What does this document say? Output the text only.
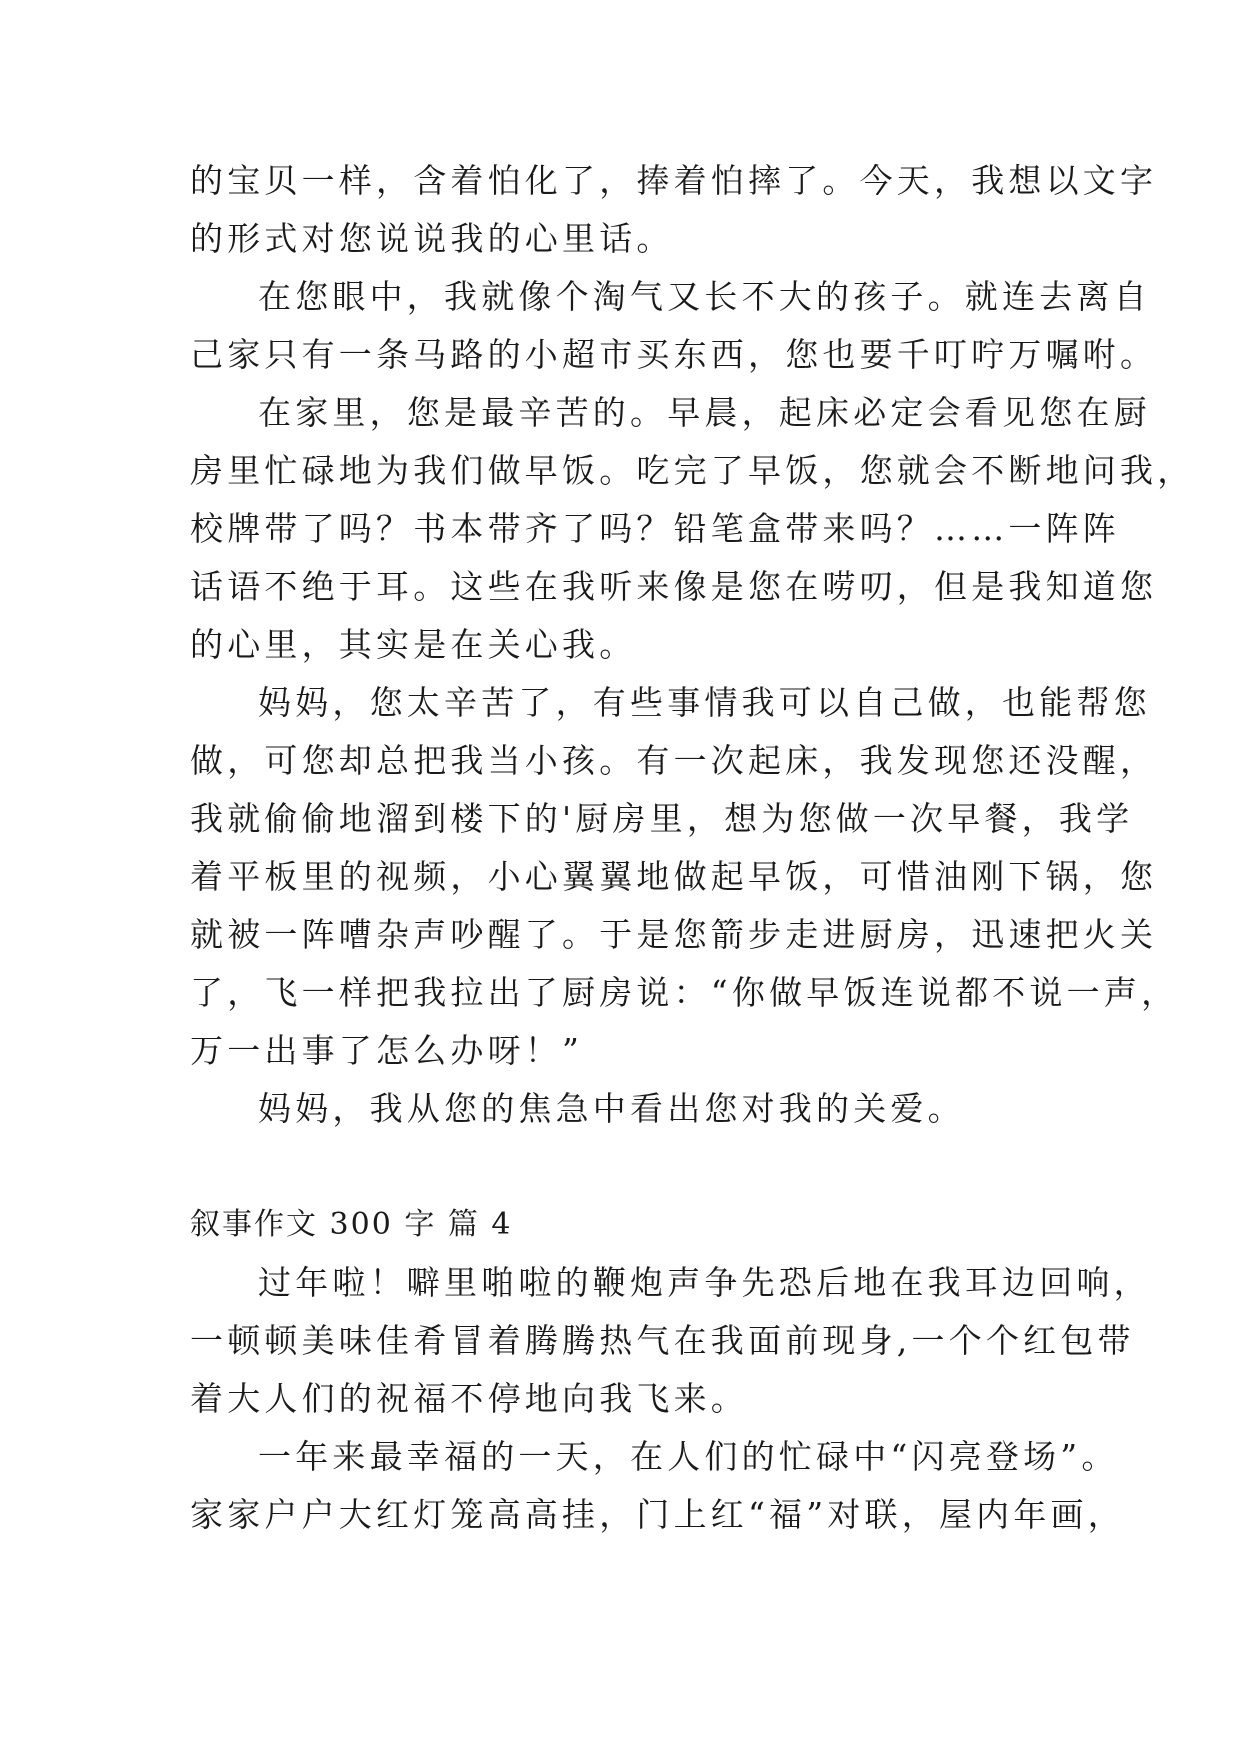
的宝贝一样，含着怕化了，捧着怕摔了。今天，我想以文字
的形式对您说说我的心里话。
在您眼中，我就像个淘气又长不大的孩子。就连去离自
己家只有一条马路的小超市买东西，您也要千叮咛万嘱咐。
在家里，您是最辛苦的。早晨，起床必定会看见您在厨
房里忙碌地为我们做早饭。吃完了早饭，您就会不断地问我，
校牌带了吗？书本带齐了吗？铅笔盒带来吗？……一阵阵
话语不绝于耳。这些在我听来像是您在唠叨，但是我知道您
的心里，其实是在关心我。
妈妈，您太辛苦了，有些事情我可以自己做，也能帮您
做，可您却总把我当小孩。有一次起床，我发现您还没醒，
我就偷偷地溜到楼下的'厨房里，想为您做一次早餐，我学
着平板里的视频，小心翼翼地做起早饭，可惜油刚下锅，您
就被一阵嘈杂声吵醒了。于是您箭步走进厨房，迅速把火关
了，飞一样把我拉出了厨房说：“你做早饭连说都不说一声，
万一出事了怎么办呀！”
妈妈，我从您的焦急中看出您对我的关爱。
叙事作文 300 字 篇 4
过年啦！噼里啪啦的鞭炮声争先恐后地在我耳边回响，
一顿顿美味佳肴冒着腾腾热气在我面前现身,一个个红包带
着大人们的祝福不停地向我飞来。
一年来最幸福的一天，在人们的忙碌中“闪亮登场”。
家家户户大红灯笼高高挂，门上红“福”对联，屋内年画，
